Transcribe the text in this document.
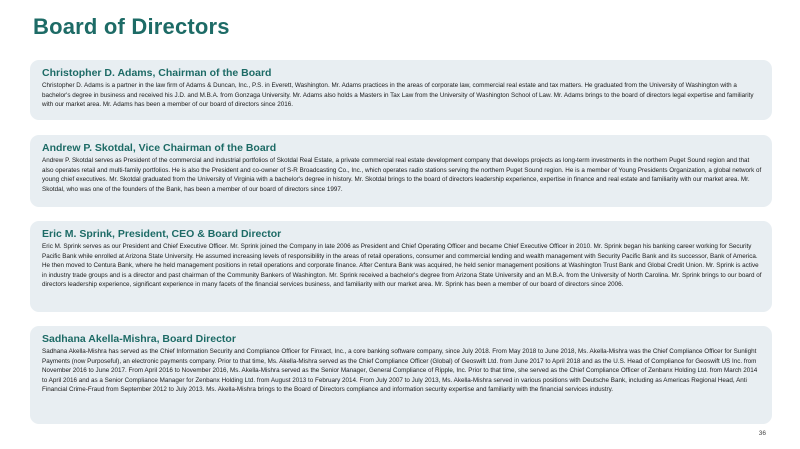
Board of Directors
Christopher D. Adams, Chairman of the Board

Christopher D. Adams is a partner in the law firm of Adams & Duncan, Inc., P.S. in Everett, Washington. Mr. Adams practices in the areas of corporate law, commercial real estate and tax matters. He graduated from the University of Washington with a bachelor's degree in business and received his J.D. and M.B.A. from Gonzaga University. Mr. Adams also holds a Masters in Tax Law from the University of Washington School of Law. Mr. Adams brings to the board of directors legal expertise and familiarity with our market area. Mr. Adams has been a member of our board of directors since 2016.

Andrew P. Skotdal, Vice Chairman of the Board

Andrew P. Skotdal serves as President of the commercial and industrial portfolios of Skotdal Real Estate, a private commercial real estate development company that develops projects as long-term investments in the northern Puget Sound region and that also operates retail and multi-family portfolios. He is also the President and co-owner of S-R Broadcasting Co., Inc., which operates radio stations serving the northern Puget Sound region. He is a member of Young Presidents Organization, a global network of young chief executives. Mr. Skotdal graduated from the University of Virginia with a bachelor's degree in history. Mr. Skotdal brings to the board of directors leadership experience, expertise in finance and real estate and familiarity with our market area. Mr. Skotdal, who was one of the founders of the Bank, has been a member of our board of directors since 1997.

Eric M. Sprink, President, CEO & Board Director

Eric M. Sprink serves as our President and Chief Executive Officer. Mr. Sprink joined the Company in late 2006 as President and Chief Operating Officer and became Chief Executive Officer in 2010. Mr. Sprink began his banking career working for Security Pacific Bank while enrolled at Arizona State University. He assumed increasing levels of responsibility in the areas of retail operations, consumer and commercial lending and wealth management with Security Pacific Bank and its successor, Bank of America. He then moved to Centura Bank, where he held management positions in retail operations and corporate finance. After Centura Bank was acquired, he held senior management positions at Washington Trust Bank and Global Credit Union. Mr. Sprink is active in industry trade groups and is a director and past chairman of the Community Bankers of Washington. Mr. Sprink received a bachelor's degree from Arizona State University and an M.B.A. from the University of North Carolina. Mr. Sprink brings to our board of directors leadership experience, significant experience in many facets of the financial services business, and familiarity with our market area. Mr. Sprink has been a member of our board of directors since 2006.

Sadhana Akella-Mishra, Board Director

Sadhana Akella-Mishra has served as the Chief Information Security and Compliance Officer for Finxact, Inc., a core banking software company, since July 2018. From May 2018 to June 2018, Ms. Akella-Mishra was the Chief Compliance Officer for Sunlight Payments (now Purposeful), an electronic payments company. Prior to that time, Ms. Akella-Mishra served as the Chief Compliance Officer (Global) of Geoswift Ltd. from June 2017 to April 2018 and as the U.S. Head of Compliance for Geoswift US Inc. from November 2016 to June 2017. From April 2016 to November 2016, Ms. Akella-Mishra served as the Senior Manager, General Compliance of Ripple, Inc. Prior to that time, she served as the Chief Compliance Officer of Zenbanx Holding Ltd. from March 2014 to April 2016 and as a Senior Compliance Manager for Zenbanx Holding Ltd. from August 2013 to February 2014. From July 2007 to July 2013, Ms. Akella-Mishra served in various positions with Deutsche Bank, including as Americas Regional Head, Anti Financial Crime-Fraud from September 2012 to July 2013. Ms. Akella-Mishra brings to the Board of Directors compliance and information security expertise and familiarity with the financial services industry.

36
